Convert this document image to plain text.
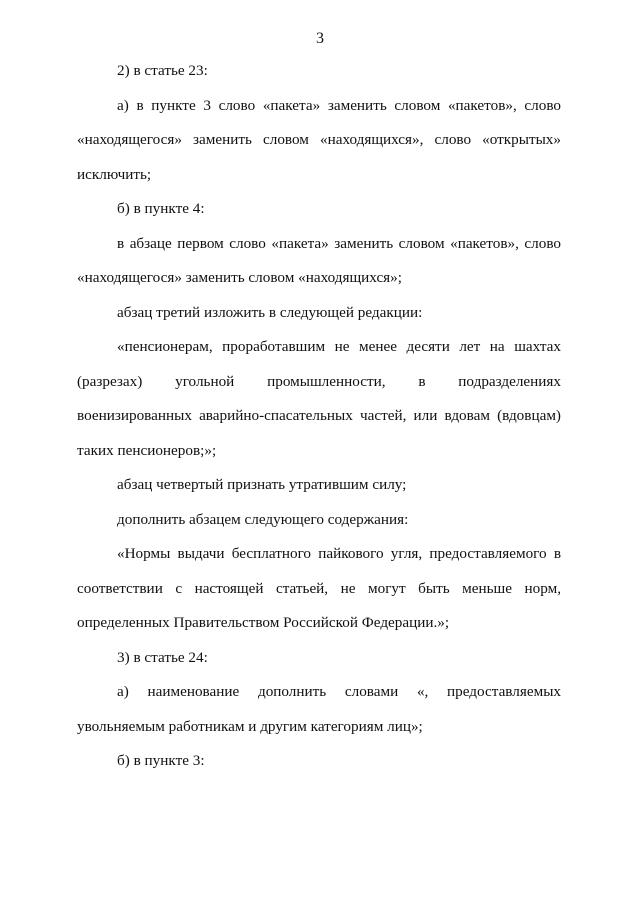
3

2) в статье 23:

а) в пункте 3 слово «пакета» заменить словом «пакетов», слово «находящегося» заменить словом «находящихся», слово «открытых» исключить;

б) в пункте 4:

в абзаце первом слово «пакета» заменить словом «пакетов», слово «находящегося» заменить словом «находящихся»;

абзац третий изложить в следующей редакции:

«пенсионерам, проработавшим не менее десяти лет на шахтах (разрезах) угольной промышленности, в подразделениях военизированных аварийно-спасательных частей, или вдовам (вдовцам) таких пенсионеров;»;

абзац четвертый признать утратившим силу;

дополнить абзацем следующего содержания:

«Нормы выдачи бесплатного пайкового угля, предоставляемого в соответствии с настоящей статьей, не могут быть меньше норм, определенных Правительством Российской Федерации.»;

3) в статье 24:

а) наименование дополнить словами «, предоставляемых увольняемым работникам и другим категориям лиц»;

б) в пункте 3:
